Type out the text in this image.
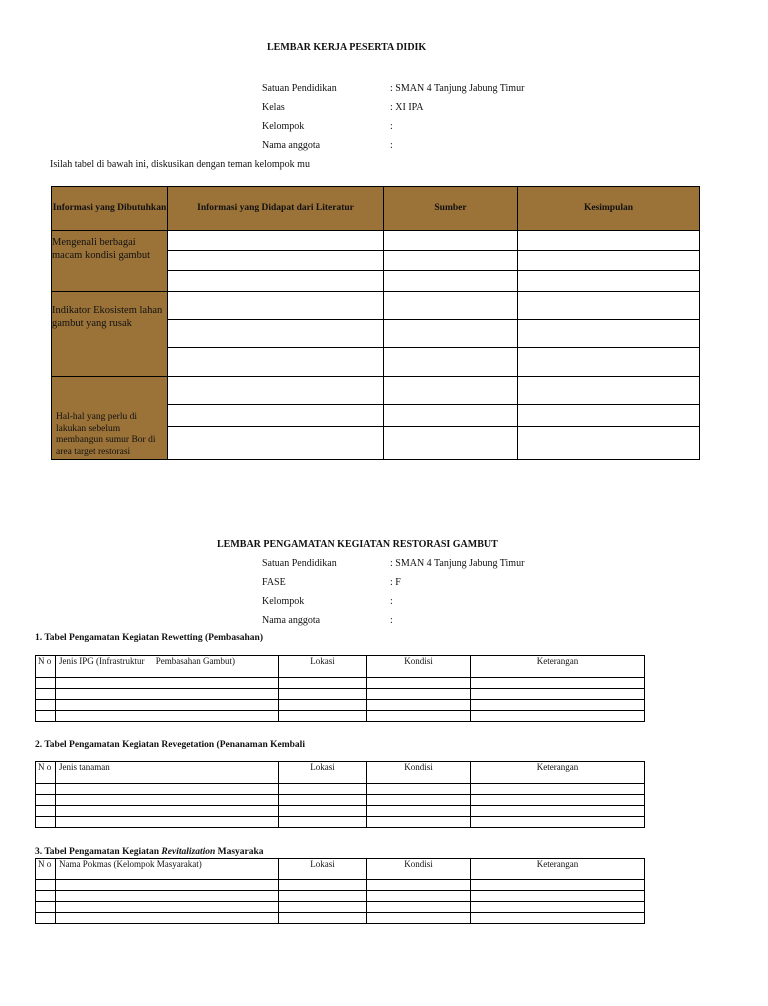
LEMBAR KERJA PESERTA DIDIK
Satuan Pendidikan	: SMAN 4 Tanjung Jabung Timur
Kelas	: XI IPA
Kelompok	:
Nama anggota	:
Isilah tabel di bawah ini, diskusikan dengan teman kelompok mu
Informasi yang Dibutuhkan	Informasi yang Didapat dari Literatur	Sumber	Kesimpulan
Mengenali berbagai macam kondisi gambut			

Indikator Ekosistem lahan gambut yang rusak			

Hal-hal yang perlu di lakukan sebelum membangun sumur Bor di area target restorasi			

LEMBAR PENGAMATAN KEGIATAN RESTORASI GAMBUT
Satuan Pendidikan	: SMAN 4 Tanjung Jabung Timur
FASE	: F
Kelompok	:
Nama anggota	:
1. Tabel Pengamatan Kegiatan Rewetting (Pembasahan)
N o	Jenis IPG (Infrastruktur     Pembasahan Gambut)	Lokasi	Kondisi	Keterangan

2. Tabel Pengamatan Kegiatan Revegetation (Penanaman Kembali
N o	Jenis tanaman	Lokasi	Kondisi	Keterangan

3. Tabel Pengamatan Kegiatan Revitalization Masyaraka
N o	Nama Pokmas (Kelompok Masyarakat)	Lokasi	Kondisi	Keterangan
